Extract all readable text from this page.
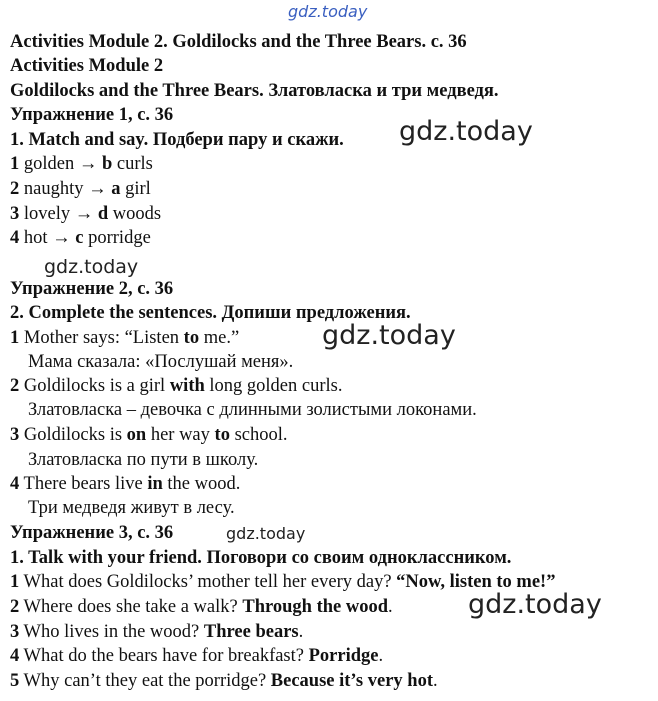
gdz.today
Activities Module 2. Goldilocks and the Three Bears. с. 36
Activities Module 2
Goldilocks and the Three Bears. Златовласка и три медведя.
Упражнение 1, с. 36
1. Match and say. Подбери пару и скажи.
1 golden → b curls
2 naughty → a girl
3 lovely → d woods
4 hot → c porridge
Упражнение 2, с. 36
2. Complete the sentences. Допиши предложения.
1 Mother says: “Listen to me.”
Мама сказала: «Послушай меня».
2 Goldilocks is a girl with long golden curls.
Златовласка – девочка с длинными золистыми локонами.
3 Goldilocks is on her way to school.
Златовласка по пути в школу.
4 There bears live in the wood.
Три медведя живут в лесу.
Упражнение 3, с. 36
1. Talk with your friend. Поговори со своим одноклассником.
1 What does Goldilocks’ mother tell her every day? “Now, listen to me!”
2 Where does she take a walk? Through the wood.
3 Who lives in the wood? Three bears.
4 What do the bears have for breakfast? Porridge.
5 Why can’t they eat the porridge? Because it’s very hot.
gdz.today
gdz.today
gdz.today
gdz.today
gdz.today
